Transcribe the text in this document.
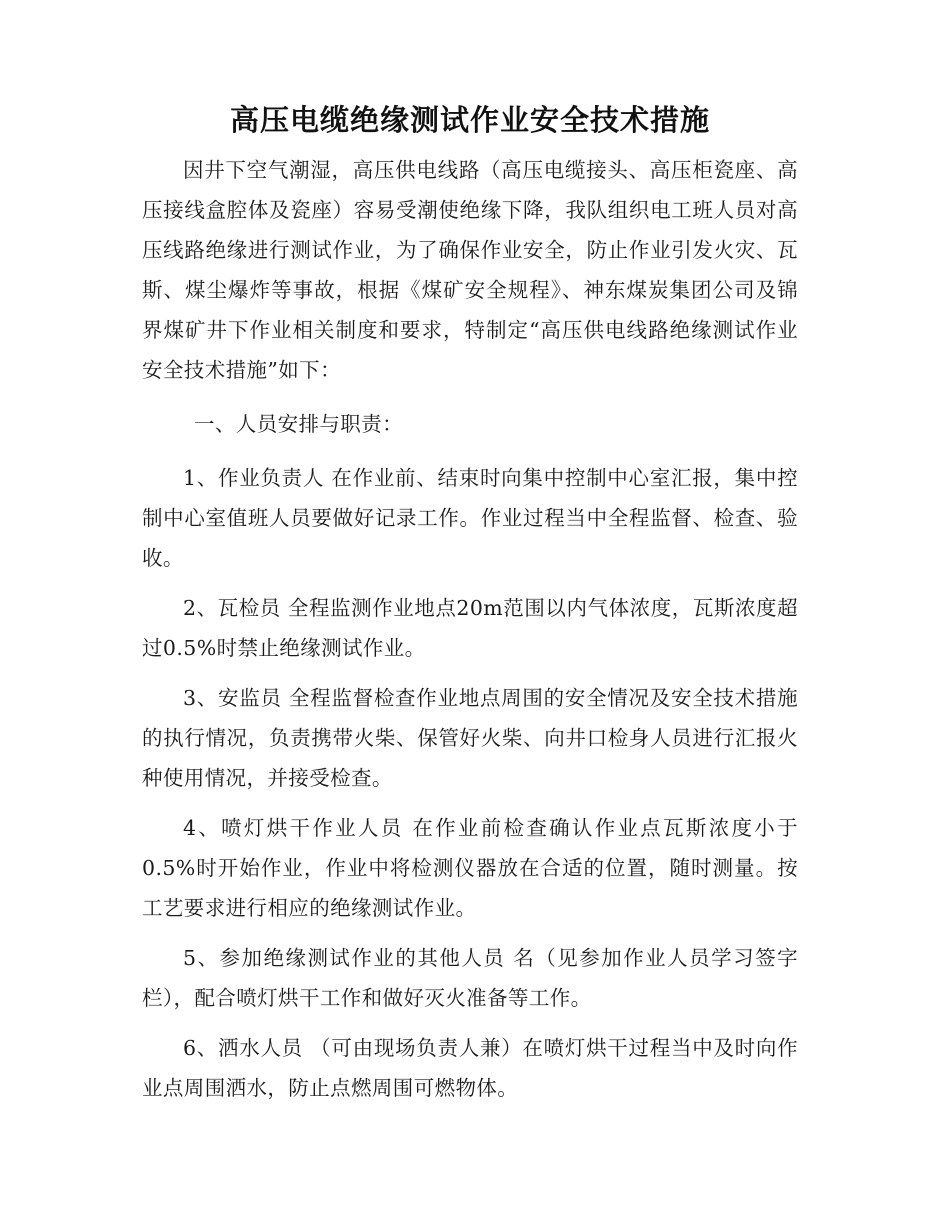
高压电缆绝缘测试作业安全技术措施

因井下空气潮湿，高压供电线路（高压电缆接头、高压柜瓷座、高压接线盒腔体及瓷座）容易受潮使绝缘下降，我队组织电工班人员对高压线路绝缘进行测试作业，为了确保作业安全，防止作业引发火灾、瓦斯、煤尘爆炸等事故，根据《煤矿安全规程》、神东煤炭集团公司及锦界煤矿井下作业相关制度和要求，特制定“高压供电线路绝缘测试作业安全技术措施”如下：

一、人员安排与职责：

1、作业负责人 在作业前、结束时向集中控制中心室汇报，集中控制中心室值班人员要做好记录工作。作业过程当中全程监督、检查、验收。

2、瓦检员 全程监测作业地点20m范围以内气体浓度，瓦斯浓度超过0.5%时禁止绝缘测试作业。

3、安监员 全程监督检查作业地点周围的安全情况及安全技术措施的执行情况，负责携带火柴、保管好火柴、向井口检身人员进行汇报火种使用情况，并接受检查。

4、喷灯烘干作业人员 在作业前检查确认作业点瓦斯浓度小于0.5%时开始作业，作业中将检测仪器放在合适的位置，随时测量。按工艺要求进行相应的绝缘测试作业。

5、参加绝缘测试作业的其他人员 名（见参加作业人员学习签字栏），配合喷灯烘干工作和做好灭火准备等工作。

6、洒水人员 （可由现场负责人兼）在喷灯烘干过程当中及时向作业点周围洒水，防止点燃周围可燃物体。
